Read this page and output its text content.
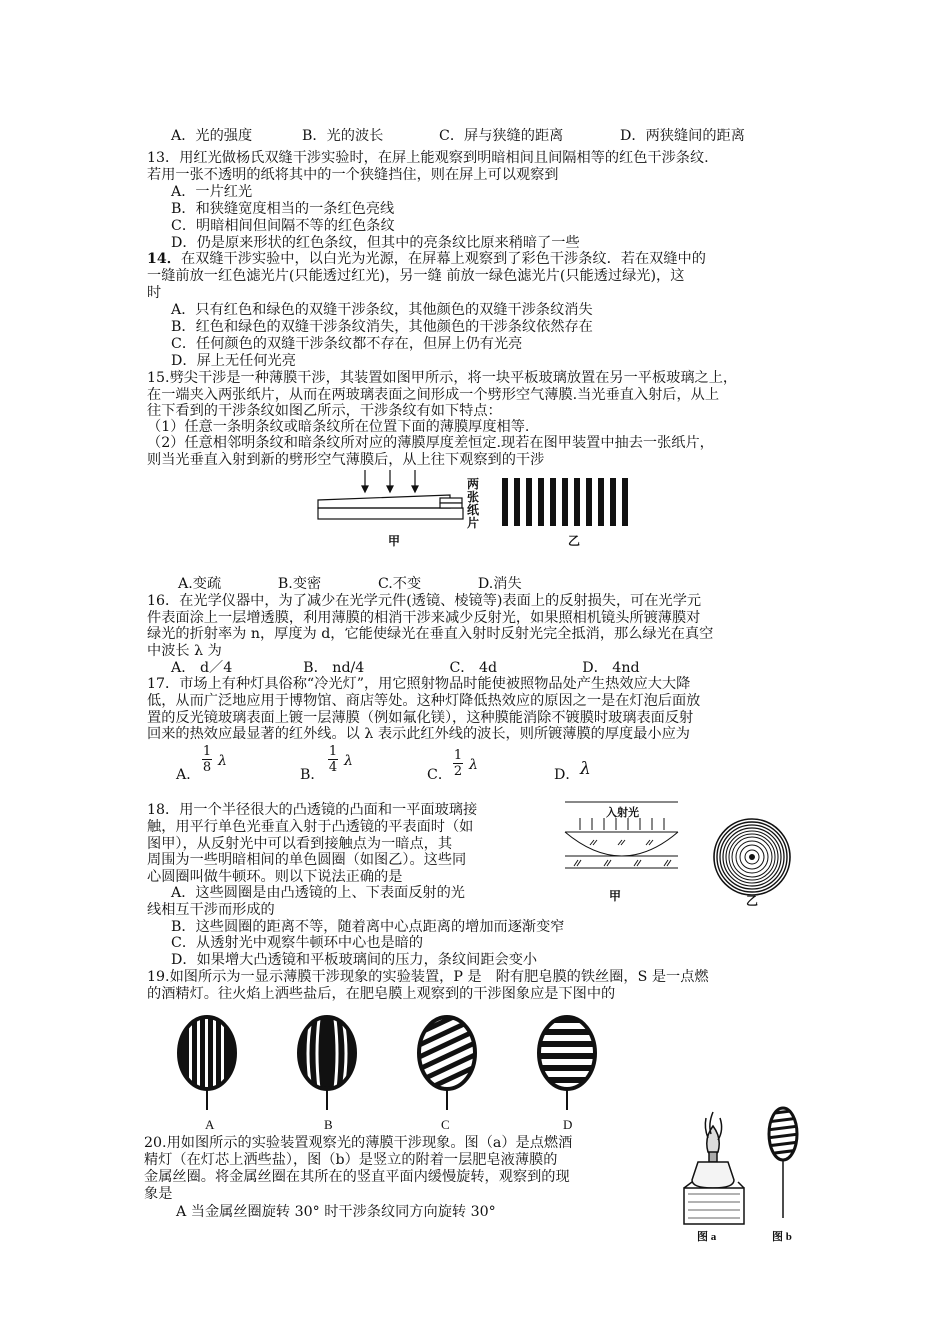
A．光的强度	B．光的波长	C．屏与狭缝的距离	D．两狭缝间的距离
13．用红光做杨氏双缝干涉实验时，在屏上能观察到明暗相间且间隔相等的红色干涉条纹.
若用一张不透明的纸将其中的一个狭缝挡住，则在屏上可以观察到
A．一片红光
B．和狭缝宽度相当的一条红色亮线
C．明暗相间但间隔不等的红色条纹
D．仍是原来形状的红色条纹，但其中的亮条纹比原来稍暗了一些
14．在双缝干涉实验中，以白光为光源，在屏幕上观察到了彩色干涉条纹．若在双缝中的
一缝前放一红色滤光片(只能透过红光)，另一缝 前放一绿色滤光片(只能透过绿光)，这
时
A．只有红色和绿色的双缝干涉条纹，其他颜色的双缝干涉条纹消失
B．红色和绿色的双缝干涉条纹消失，其他颜色的干涉条纹依然存在
C．任何颜色的双缝干涉条纹都不存在，但屏上仍有光亮
D．屏上无任何光亮
15.劈尖干涉是一种薄膜干涉，其装置如图甲所示，将一块平板玻璃放置在另一平板玻璃之上，
在一端夹入两张纸片，从而在两玻璃表面之间形成一个劈形空气薄膜.当光垂直入射后，从上
往下看到的干涉条纹如图乙所示，干涉条纹有如下特点：
（1）任意一条明条纹或暗条纹所在位置下面的薄膜厚度相等.
（2）任意相邻明条纹和暗条纹所对应的薄膜厚度差恒定.现若在图甲装置中抽去一张纸片，
则当光垂直入射到新的劈形空气薄膜后，从上往下观察到的干涉
两
张
纸
片
甲	乙
A.变疏　　　　B.变密　　　　C.不变　　　　D.消失
16．在光学仪器中，为了减少在光学元件(透镜、棱镜等)表面上的反射损失，可在光学元
件表面涂上一层增透膜，利用薄膜的相消干涉来减少反射光，如果照相机镜头所镀薄膜对
绿光的折射率为 n，厚度为 d，它能使绿光在垂直入射时反射光完全抵消，那么绿光在真空
中波长 λ 为
A． d／4　　　　　B． nd/4　　　　　　C． 4d　　　　　　D． 4nd
17．市场上有种灯具俗称“冷光灯”，用它照射物品时能使被照物品处产生热效应大大降
低，从而广泛地应用于博物馆、商店等处。这种灯降低热效应的原因之一是在灯泡后面放
置的反光镜玻璃表面上镀一层薄膜（例如氟化镁），这种膜能消除不镀膜时玻璃表面反射
回来的热效应最显著的红外线。以 λ 表示此红外线的波长，则所镀薄膜的厚度最小应为
A．
1
8 λ
B．
1
4 λ
C．
1
2 λ
D． λ
18．用一个半径很大的凸透镜的凸面和一平面玻璃接
触，用平行单色光垂直入射于凸透镜的平表面时（如
图甲），从反射光中可以看到接触点为一暗点，其
周围为一些明暗相间的单色圆圈（如图乙）。这些同
心圆圈叫做牛顿环。则以下说法正确的是
A．这些圆圈是由凸透镜的上、下表面反射的光
线相互干涉而形成的
B．这些圆圈的距离不等，随着离中心点距离的增加而逐渐变窄
C．从透射光中观察牛顿环中心也是暗的
D．如果增大凸透镜和平板玻璃间的压力，条纹间距会变小
入射光
甲	乙
19.如图所示为一显示薄膜干涉现象的实验装置，P 是　附有肥皂膜的铁丝圈，S 是一点燃
的酒精灯。往火焰上洒些盐后，在肥皂膜上观察到的干涉图象应是下图中的
A	B	C	D
20.用如图所示的实验装置观察光的薄膜干涉现象。图（a）是点燃酒
精灯（在灯芯上洒些盐），图（b）是竖立的附着一层肥皂液薄膜的
金属丝圈。将金属丝圈在其所在的竖直平面内缓慢旋转，观察到的现
象是
A 当金属丝圈旋转 30° 时干涉条纹同方向旋转 30°
图 a	图 b
